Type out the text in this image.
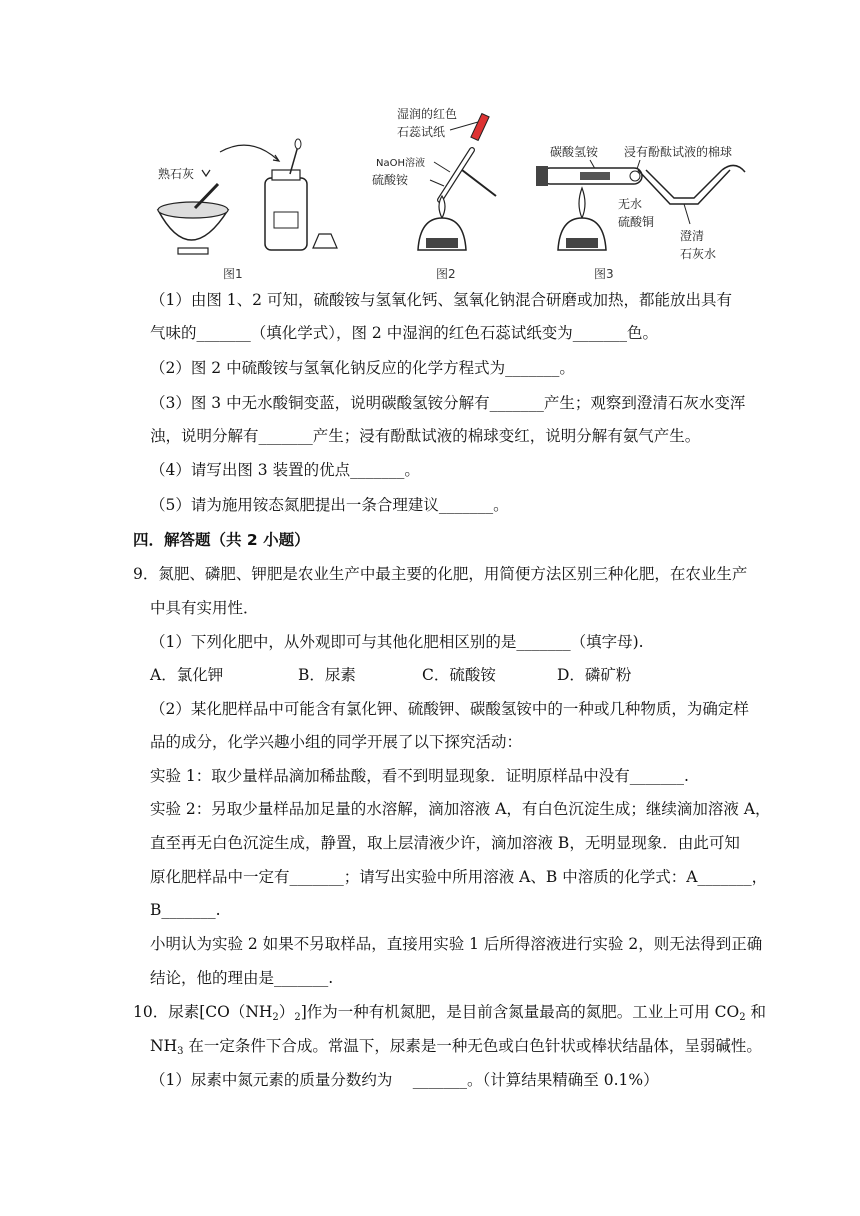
熟石灰
图1
湿润的红色
石蕊试纸
NaOH溶液
硫酸铵
图2
碳酸氢铵 浸有酚酞试液的棉球
无水
硫酸铜
澄清
石灰水
图3
（1）由图 1、2 可知，硫酸铵与氢氧化钙、氢氧化钠混合研磨或加热，都能放出具有
气味的_______（填化学式），图 2 中湿润的红色石蕊试纸变为_______色。
（2）图 2 中硫酸铵与氢氧化钠反应的化学方程式为_______。
（3）图 3 中无水酸铜变蓝，说明碳酸氢铵分解有_______产生；观察到澄清石灰水变浑
浊，说明分解有_______产生；浸有酚酞试液的棉球变红，说明分解有氨气产生。
（4）请写出图 3 装置的优点_______。
（5）请为施用铵态氮肥提出一条合理建议_______。
四．解答题（共 2 小题）
9．氮肥、磷肥、钾肥是农业生产中最主要的化肥，用简便方法区别三种化肥，在农业生产
中具有实用性．
（1）下列化肥中，从外观即可与其他化肥相区别的是_______（填字母).
A．氯化钾	B．尿素	C．硫酸铵	D．磷矿粉
（2）某化肥样品中可能含有氯化钾、硫酸钾、碳酸氢铵中的一种或几种物质，为确定样
品的成分，化学兴趣小组的同学开展了以下探究活动：
实验 1：取少量样品滴加稀盐酸，看不到明显现象．证明原样品中没有_______.
实验 2：另取少量样品加足量的水溶解，滴加溶液 A，有白色沉淀生成；继续滴加溶液 A，
直至再无白色沉淀生成，静置，取上层清液少许，滴加溶液 B，无明显现象．由此可知
原化肥样品中一定有_______；请写出实验中所用溶液 A、B 中溶质的化学式：A_______，
B_______.
小明认为实验 2 如果不另取样品，直接用实验 1 后所得溶液进行实验 2，则无法得到正确
结论，他的理由是_______.
10．尿素$[CO(NH_2)_2]$作为一种有机氮肥，是目前含氮量最高的氮肥。工业上可用 $CO_2$ 和
$NH_3$ 在一定条件下合成。常温下，尿素是一种无色或白色针状或棒状结晶体，呈弱碱性。
（1）尿素中氮元素的质量分数约为　 _______。（计算结果精确至 0.1%）
